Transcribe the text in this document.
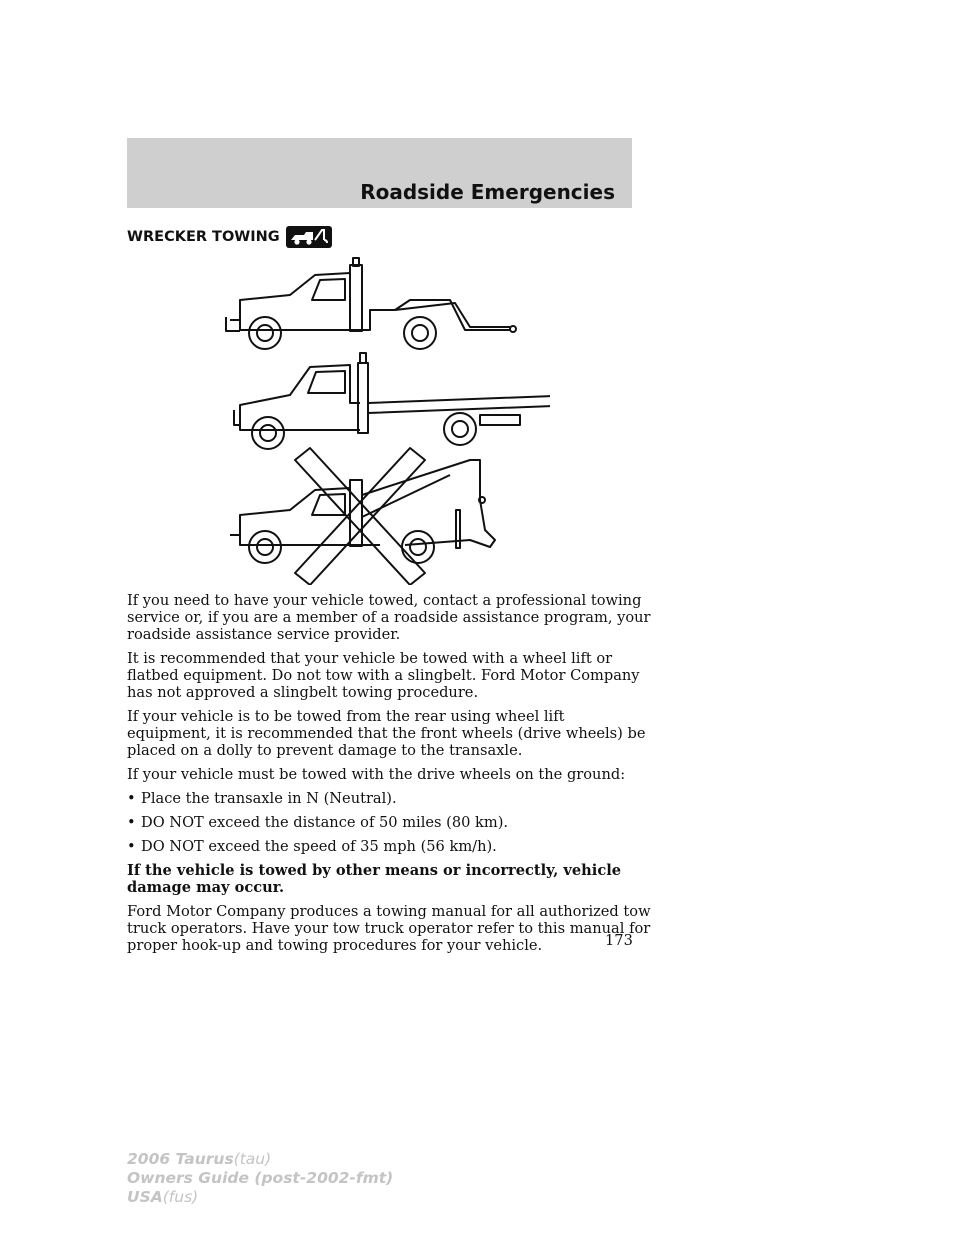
Roadside Emergencies
WRECKER TOWING

If you need to have your vehicle towed, contact a professional towing service or, if you are a member of a roadside assistance program, your roadside assistance service provider.

It is recommended that your vehicle be towed with a wheel lift or flatbed equipment. Do not tow with a slingbelt. Ford Motor Company has not approved a slingbelt towing procedure.

If your vehicle is to be towed from the rear using wheel lift equipment, it is recommended that the front wheels (drive wheels) be placed on a dolly to prevent damage to the transaxle.

If your vehicle must be towed with the drive wheels on the ground:

• Place the transaxle in N (Neutral).
• DO NOT exceed the distance of 50 miles (80 km).
• DO NOT exceed the speed of 35 mph (56 km/h).

If the vehicle is towed by other means or incorrectly, vehicle damage may occur.

Ford Motor Company produces a towing manual for all authorized tow truck operators. Have your tow truck operator refer to this manual for proper hook-up and towing procedures for your vehicle.	173
2006 Taurus(tau)
Owners Guide (post-2002-fmt)
USA(fus)
